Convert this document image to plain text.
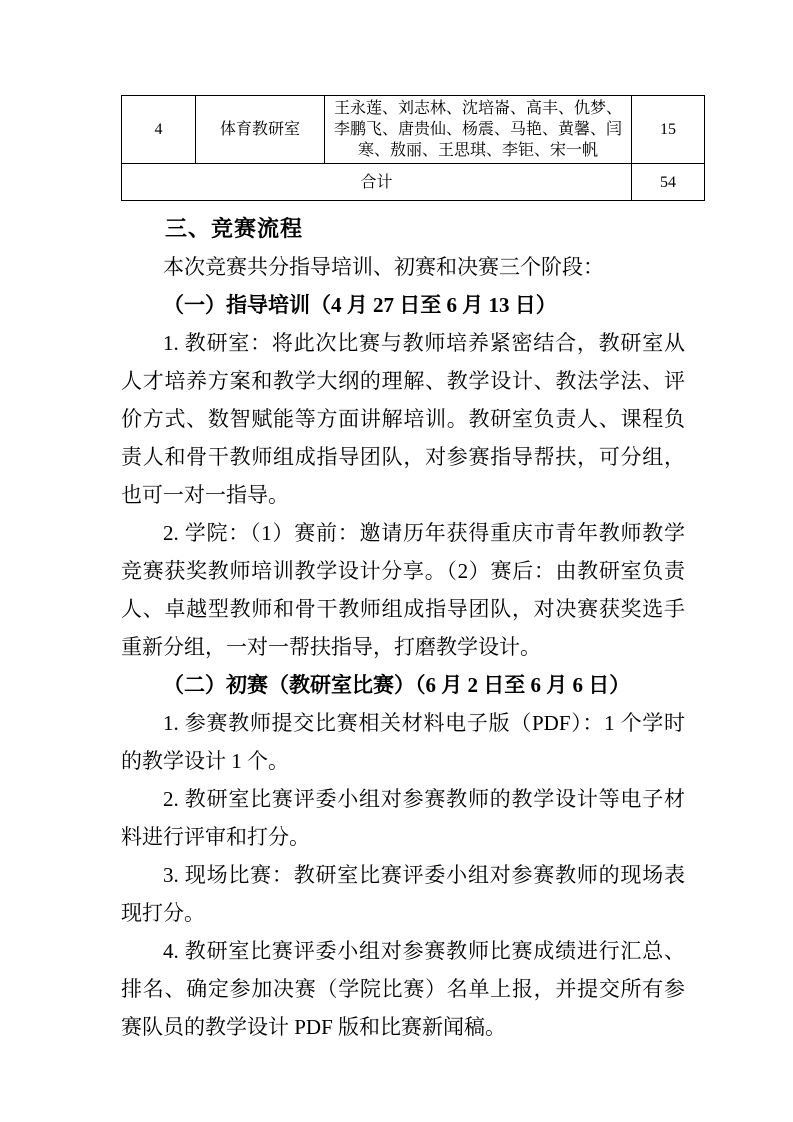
4	体育教研室	王永莲、刘志林、沈培崙、高丰、仇梦、李鹏飞、唐贵仙、杨震、马艳、黄馨、闫寒、敖丽、王思琪、李钜、宋一帆	15
合计			54
三、竞赛流程

本次竞赛共分指导培训、初赛和决赛三个阶段：

（一）指导培训（4 月 27 日至 6 月 13 日）

1. 教研室：将此次比赛与教师培养紧密结合，教研室从人才培养方案和教学大纲的理解、教学设计、教法学法、评价方式、数智赋能等方面讲解培训。教研室负责人、课程负责人和骨干教师组成指导团队，对参赛指导帮扶，可分组，也可一对一指导。

2. 学院：（1）赛前：邀请历年获得重庆市青年教师教学竞赛获奖教师培训教学设计分享。（2）赛后：由教研室负责人、卓越型教师和骨干教师组成指导团队，对决赛获奖选手重新分组，一对一帮扶指导，打磨教学设计。

（二）初赛（教研室比赛）（6 月 2 日至 6 月 6 日）

1. 参赛教师提交比赛相关材料电子版（PDF）：1 个学时的教学设计 1 个。

2. 教研室比赛评委小组对参赛教师的教学设计等电子材料进行评审和打分。

3. 现场比赛：教研室比赛评委小组对参赛教师的现场表现打分。

4. 教研室比赛评委小组对参赛教师比赛成绩进行汇总、排名、确定参加决赛（学院比赛）名单上报，并提交所有参赛队员的教学设计 PDF 版和比赛新闻稿。
